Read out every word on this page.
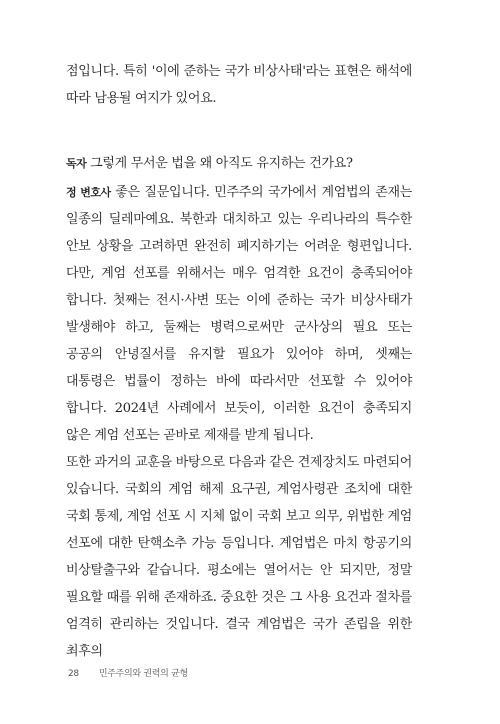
점입니다. 특히 '이에 준하는 국가 비상사태'라는 표현은 해석에 따라 남용될 여지가 있어요.

독자 그렇게 무서운 법을 왜 아직도 유지하는 건가요?

정 변호사 좋은 질문입니다. 민주주의 국가에서 계엄법의 존재는 일종의 딜레마예요. 북한과 대치하고 있는 우리나라의 특수한 안보 상황을 고려하면 완전히 폐지하기는 어려운 형편입니다. 다만, 계엄 선포를 위해서는 매우 엄격한 요건이 충족되어야 합니다. 첫째는 전시·사변 또는 이에 준하는 국가 비상사태가 발생해야 하고, 둘째는 병력으로써만 군사상의 필요 또는 공공의 안녕질서를 유지할 필요가 있어야 하며, 셋째는 대통령은 법률이 정하는 바에 따라서만 선포할 수 있어야 합니다. 2024년 사례에서 보듯이, 이러한 요건이 충족되지 않은 계엄 선포는 곧바로 제재를 받게 됩니다.

또한 과거의 교훈을 바탕으로 다음과 같은 견제장치도 마련되어 있습니다. 국회의 계엄 해제 요구권, 계엄사령관 조치에 대한 국회 통제, 계엄 선포 시 지체 없이 국회 보고 의무, 위법한 계엄 선포에 대한 탄핵소추 가능 등입니다. 계엄법은 마치 항공기의 비상탈출구와 같습니다. 평소에는 열어서는 안 되지만, 정말 필요할 때를 위해 존재하죠. 중요한 것은 그 사용 요건과 절차를 엄격히 관리하는 것입니다. 결국 계엄법은 국가 존립을 위한 최후의

28 민주주의와 권력의 균형
